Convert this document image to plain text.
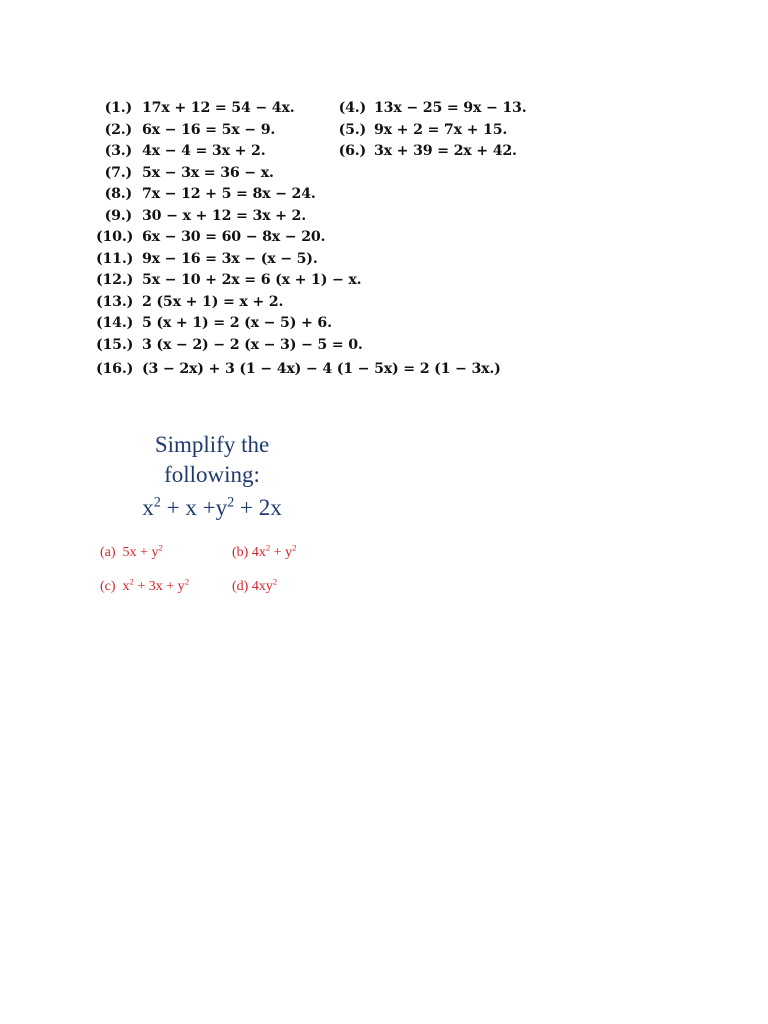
(1.) 17x + 12 = 54 − 4x.	(4.) 13x − 25 = 9x − 13.
(2.) 6x − 16 = 5x − 9.	(5.) 9x + 2 = 7x + 15.
(3.) 4x − 4 = 3x + 2.	(6.) 3x + 39 = 2x + 42.
(7.) 5x − 3x = 36 − x.
(8.) 7x − 12 + 5 = 8x − 24.
(9.) 30 − x + 12 = 3x + 2.
(10.) 6x − 30 = 60 − 8x − 20.
(11.) 9x − 16 = 3x − (x − 5).
(12.) 5x − 10 + 2x = 6 (x + 1) − x.
(13.) 2 (5x + 1) = x + 2.
(14.) 5 (x + 1) = 2 (x − 5) + 6.
(15.) 3 (x − 2) − 2 (x − 3) − 5 = 0.
(16.) (3 − 2x) + 3 (1 − 4x) − 4 (1 − 5x) = 2 (1 − 3x.)
Simplify the
following:
$x^2 + x +y^2 + 2x$
(a) $5x + y^2$	(b) $4x^2 + y^2$
(c) $x^2 + 3x + y^2$	(d) $4xy^2$
